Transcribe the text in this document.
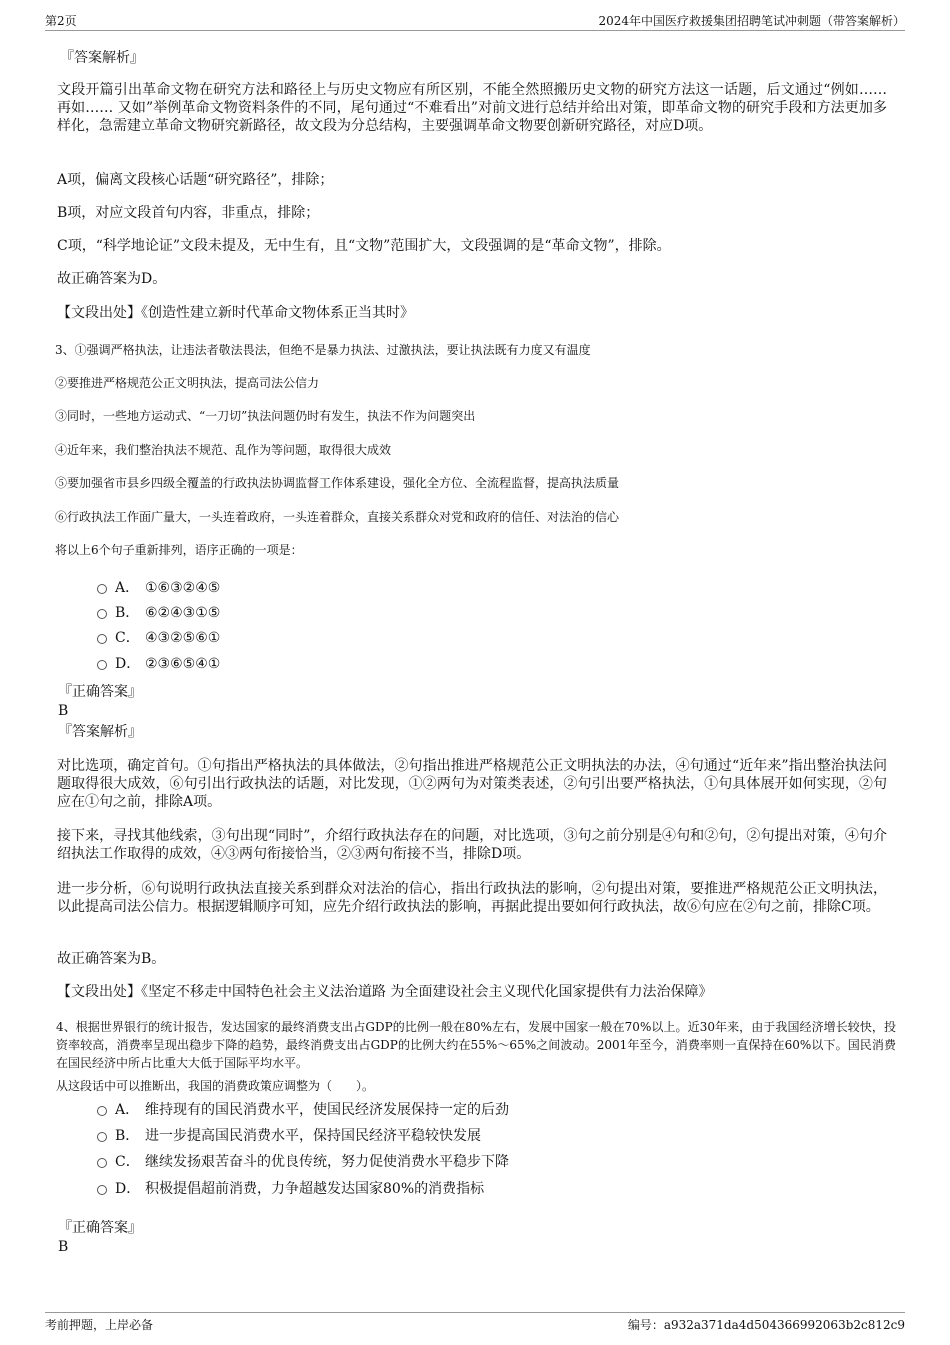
第2页	2024年中国医疗救援集团招聘笔试冲刺题（带答案解析）
『答案解析』
文段开篇引出革命文物在研究方法和路径上与历史文物应有所区别，不能全然照搬历史文物的研究方法这一话题，后文通过“例如……再如…… 又如”举例革命文物资料条件的不同，尾句通过“不难看出”对前文进行总结并给出对策，即革命文物的研究手段和方法更加多样化，急需建立革命文物研究新路径，故文段为分总结构，主要强调革命文物要创新研究路径，对应D项。
A项，偏离文段核心话题“研究路径”，排除；
B项，对应文段首句内容，非重点，排除；
C项，“科学地论证”文段未提及，无中生有，且“文物”范围扩大，文段强调的是“革命文物”，排除。
故正确答案为D。
【文段出处】《创造性建立新时代革命文物体系正当其时》
3、①强调严格执法，让违法者敬法畏法，但绝不是暴力执法、过激执法，要让执法既有力度又有温度
②要推进严格规范公正文明执法，提高司法公信力
③同时，一些地方运动式、“一刀切”执法问题仍时有发生，执法不作为问题突出
④近年来，我们整治执法不规范、乱作为等问题，取得很大成效
⑤要加强省市县乡四级全覆盖的行政执法协调监督工作体系建设，强化全方位、全流程监督，提高执法质量
⑥行政执法工作面广量大，一头连着政府，一头连着群众，直接关系群众对党和政府的信任、对法治的信心
将以上6个句子重新排列，语序正确的一项是：
A． ①⑥③②④⑤
B． ⑥②④③①⑤
C． ④③②⑤⑥①
D． ②③⑥⑤④①
『正确答案』
B
『答案解析』
对比选项，确定首句。①句指出严格执法的具体做法，②句指出推进严格规范公正文明执法的办法，④句通过“近年来”指出整治执法问题取得很大成效，⑥句引出行政执法的话题，对比发现，①②两句为对策类表述，②句引出要严格执法，①句具体展开如何实现，②句应在①句之前，排除A项。
接下来，寻找其他线索，③句出现“同时”，介绍行政执法存在的问题，对比选项，③句之前分别是④句和②句，②句提出对策，④句介绍执法工作取得的成效，④③两句衔接恰当，②③两句衔接不当，排除D项。
进一步分析，⑥句说明行政执法直接关系到群众对法治的信心，指出行政执法的影响，②句提出对策，要推进严格规范公正文明执法，以此提高司法公信力。根据逻辑顺序可知，应先介绍行政执法的影响，再据此提出要如何行政执法，故⑥句应在②句之前，排除C项。
故正确答案为B。
【文段出处】《坚定不移走中国特色社会主义法治道路 为全面建设社会主义现代化国家提供有力法治保障》
4、根据世界银行的统计报告，发达国家的最终消费支出占GDP的比例一般在80%左右，发展中国家一般在70%以上。近30年来，由于我国经济增长较快，投资率较高，消费率呈现出稳步下降的趋势，最终消费支出占GDP的比例大约在55%～65%之间波动。2001年至今，消费率则一直保持在60%以下。国民消费在国民经济中所占比重大大低于国际平均水平。
从这段话中可以推断出，我国的消费政策应调整为（　　）。
A． 维持现有的国民消费水平，使国民经济发展保持一定的后劲
B． 进一步提高国民消费水平，保持国民经济平稳较快发展
C． 继续发扬艰苦奋斗的优良传统，努力促使消费水平稳步下降
D． 积极提倡超前消费，力争超越发达国家80%的消费指标
『正确答案』
B
考前押题，上岸必备	编号：a932a371da4d504366992063b2c812c9
